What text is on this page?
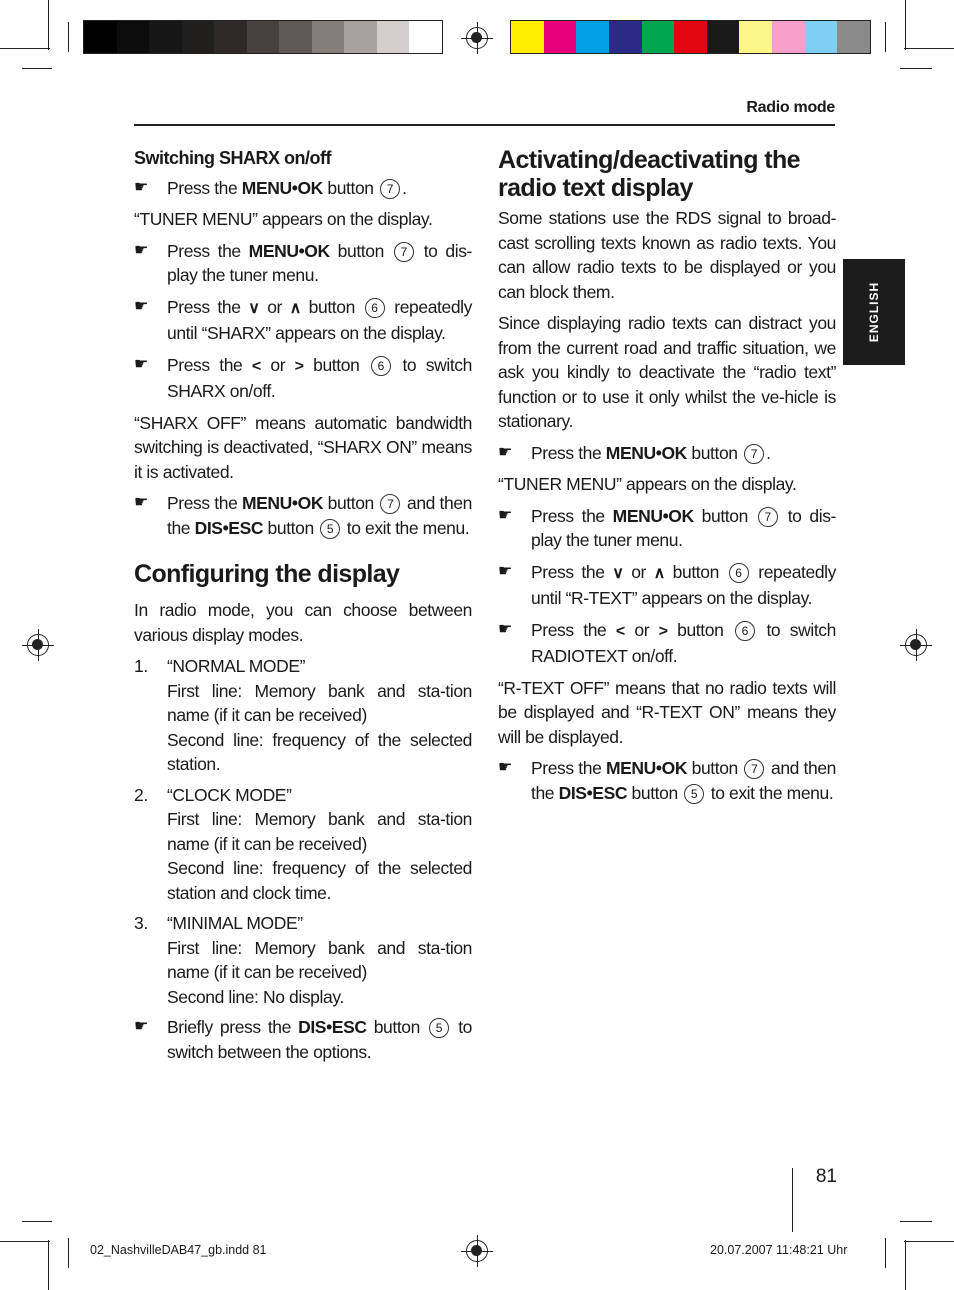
Radio mode
ENGLISH
Switching SHARX on/off
☛ Press the MENU•OK button 7 .

“TUNER MENU” appears on the display.

☛ Press the MENU•OK button 7 to dis-play the tuner menu.
☛ Press the ∨ or ∧ button 6 repeatedly until “SHARX” appears on the display.
☛ Press the < or > button 6 to switch SHARX on/off.

“SHARX OFF” means automatic bandwidth switching is deactivated, “SHARX ON” means it is activated.

☛ Press the MENU•OK button 7 and then the DIS•ESC button 5 to exit the menu.
Configuring the display

In radio mode, you can choose between various display modes.

1. “NORMAL MODE”
First line: Memory bank and sta-tion name (if it can be received)
Second line: frequency of the selected station.
2. “CLOCK MODE”
First line: Memory bank and sta-tion name (if it can be received)
Second line: frequency of the selected station and clock time.
3. “MINIMAL MODE”
First line: Memory bank and sta-tion name (if it can be received)
Second line: No display.
☛ Briefly press the DIS•ESC button 5 to switch between the options.
Activating/deactivating the radio text display

Some stations use the RDS signal to broad-cast scrolling texts known as radio texts. You can allow radio texts to be displayed or you can block them.

Since displaying radio texts can distract you from the current road and traffic situation, we ask you kindly to deactivate the “radio text” function or to use it only whilst the ve-hicle is stationary.

☛ Press the MENU•OK button 7 .

“TUNER MENU” appears on the display.

☛ Press the MENU•OK button 7 to dis-play the tuner menu.
☛ Press the ∨ or ∧ button 6 repeatedly until “R-TEXT” appears on the display.
☛ Press the < or > button 6 to switch RADIOTEXT on/off.

“R-TEXT OFF” means that no radio texts will be displayed and “R-TEXT ON” means they will be displayed.

☛ Press the MENU•OK button 7 and then the DIS•ESC button 5 to exit the menu.
81
02_NashvilleDAB47_gb.indd 81	20.07.2007 11:48:21 Uhr
